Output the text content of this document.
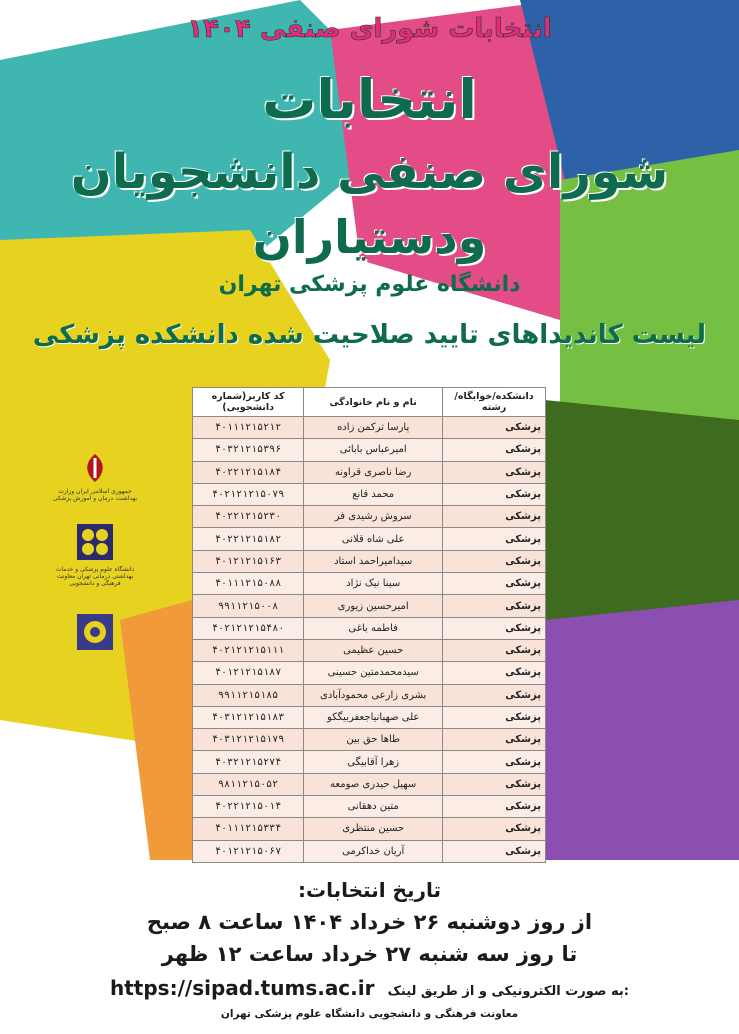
انتخابات شورای صنفی ۱۴۰۴
انتخابات
شورای صنفی دانشجویان
ودستیاران
دانشگاه علوم پزشکی تهران
لیست کاندیداهای تایید صلاحیت شده دانشکده پزشکی
دانشکده/خوابگاه/رشته	نام و نام خانوادگی	کد کاربر(شماره دانشجویی)
پزشکی	پارسا ترکمن زاده	۴۰۱۱۱۲۱۵۲۱۲
پزشکی	امیرعباس بابائی	۴۰۳۲۱۲۱۵۳۹۶
پزشکی	رضا ناصری قراونه	۴۰۲۲۱۲۱۵۱۸۴
پزشکی	محمد قانع	۴۰۲۱۲۱۲۱۵۰۷۹
پزشکی	سروش رشیدی فر	۴۰۲۲۱۲۱۵۲۳۰
پزشکی	علی شاه قلانی	۴۰۲۲۱۲۱۵۱۸۲
پزشکی	سیدامیراحمد استاد	۴۰۱۲۱۲۱۵۱۶۳
پزشکی	سینا نیک نژاد	۴۰۱۱۱۲۱۵۰۸۸
پزشکی	امیرحسین زیوری	۹۹۱۱۲۱۵۰۰۸
پزشکی	فاطمه باغی	۴۰۲۱۲۱۲۱۵۴۸۰
پزشکی	حسین عظیمی	۴۰۲۱۲۱۲۱۵۱۱۱
پزشکی	سیدمحمدمتین حسینی	۴۰۱۲۱۲۱۵۱۸۷
پزشکی	بشری زارعی محمودآبادی	۹۹۱۱۲۱۵۱۸۵
پزشکی	علی صهبانیاجعفربیگکو	۴۰۳۱۲۱۲۱۵۱۸۳
پزشکی	طاها حق بین	۴۰۳۱۲۱۲۱۵۱۷۹
پزشکی	زهرا آقابیگی	۴۰۳۲۱۲۱۵۲۷۴
پزشکی	سهیل حیدری صومعه	۹۸۱۱۲۱۵۰۵۲
پزشکی	متین دهقانی	۴۰۲۲۱۲۱۵۰۱۴
پزشکی	حسین منتظری	۴۰۱۱۱۲۱۵۳۳۴
پزشکی	آریان خداکرمی	۴۰۱۲۱۲۱۵۰۶۷
جمهوری اسلامی ایران وزارت بهداشت، درمان و آموزش پزشکی
دانشگاه علوم پزشکی و خدمات بهداشتی درمانی تهران معاونت فرهنگی و دانشجویی
تاریخ انتخابات:
از روز دوشنبه ۲۶ خرداد ۱۴۰۴ ساعت ۸ صبح
تا روز سه شنبه ۲۷ خرداد ساعت ۱۲ ظهر
https://sipad.tums.ac.ir به صورت الکترونیکی و از طریق لینک:
معاونت فرهنگی و دانشجویی دانشگاه علوم پزشکی تهران
